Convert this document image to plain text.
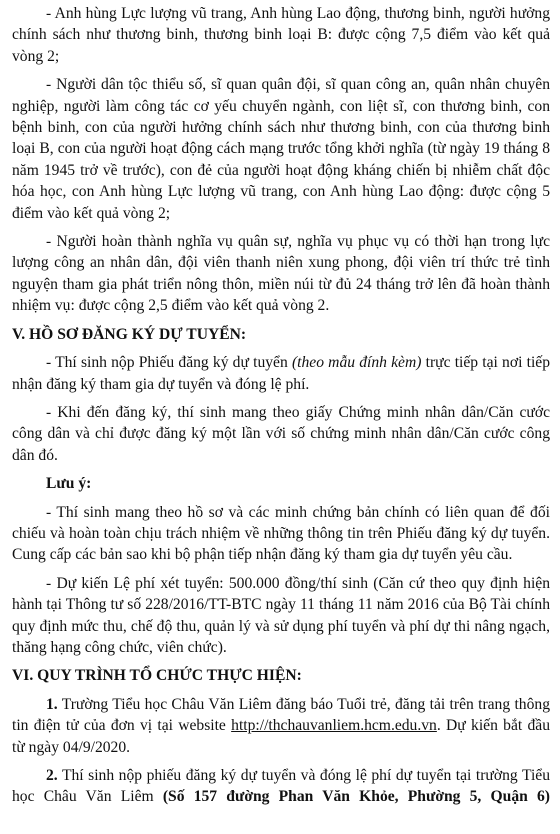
- Anh hùng Lực lượng vũ trang, Anh hùng Lao động, thương binh, người hưởng chính sách như thương binh, thương binh loại B: được cộng 7,5 điểm vào kết quả vòng 2;

- Người dân tộc thiểu số, sĩ quan quân đội, sĩ quan công an, quân nhân chuyên nghiệp, người làm công tác cơ yếu chuyển ngành, con liệt sĩ, con thương binh, con bệnh binh, con của người hưởng chính sách như thương binh, con của thương binh loại B, con của người hoạt động cách mạng trước tổng khởi nghĩa (từ ngày 19 tháng 8 năm 1945 trở về trước), con đẻ của người hoạt động kháng chiến bị nhiễm chất độc hóa học, con Anh hùng Lực lượng vũ trang, con Anh hùng Lao động: được cộng 5 điểm vào kết quả vòng 2;

- Người hoàn thành nghĩa vụ quân sự, nghĩa vụ phục vụ có thời hạn trong lực lượng công an nhân dân, đội viên thanh niên xung phong, đội viên trí thức trẻ tình nguyện tham gia phát triển nông thôn, miền núi từ đủ 24 tháng trở lên đã hoàn thành nhiệm vụ: được cộng 2,5 điểm vào kết quả vòng 2.

V. HỒ SƠ ĐĂNG KÝ DỰ TUYỂN:

- Thí sinh nộp Phiếu đăng ký dự tuyển (theo mẫu đính kèm) trực tiếp tại nơi tiếp nhận đăng ký tham gia dự tuyển và đóng lệ phí.

- Khi đến đăng ký, thí sinh mang theo giấy Chứng minh nhân dân/Căn cước công dân và chỉ được đăng ký một lần với số chứng minh nhân dân/Căn cước công dân đó.

Lưu ý:

- Thí sinh mang theo hồ sơ và các minh chứng bản chính có liên quan để đối chiếu và hoàn toàn chịu trách nhiệm về những thông tin trên Phiếu đăng ký dự tuyển. Cung cấp các bản sao khi bộ phận tiếp nhận đăng ký tham gia dự tuyển yêu cầu.

- Dự kiến Lệ phí xét tuyển: 500.000 đồng/thí sinh (Căn cứ theo quy định hiện hành tại Thông tư số 228/2016/TT-BTC ngày 11 tháng 11 năm 2016 của Bộ Tài chính quy định mức thu, chế độ thu, quản lý và sử dụng phí tuyển và phí dự thi nâng ngạch, thăng hạng công chức, viên chức).

VI. QUY TRÌNH TỔ CHỨC THỰC HIỆN:

1. Trường Tiểu học Châu Văn Liêm đăng báo Tuổi trẻ, đăng tải trên trang thông tin điện tử của đơn vị tại website http://thchauvanliem.hcm.edu.vn. Dự kiến bắt đầu từ ngày 04/9/2020.

2. Thí sinh nộp phiếu đăng ký dự tuyển và đóng lệ phí dự tuyển tại trường Tiểu học Châu Văn Liêm (Số 157 đường Phan Văn Khỏe, Phường 5, Quận 6)
